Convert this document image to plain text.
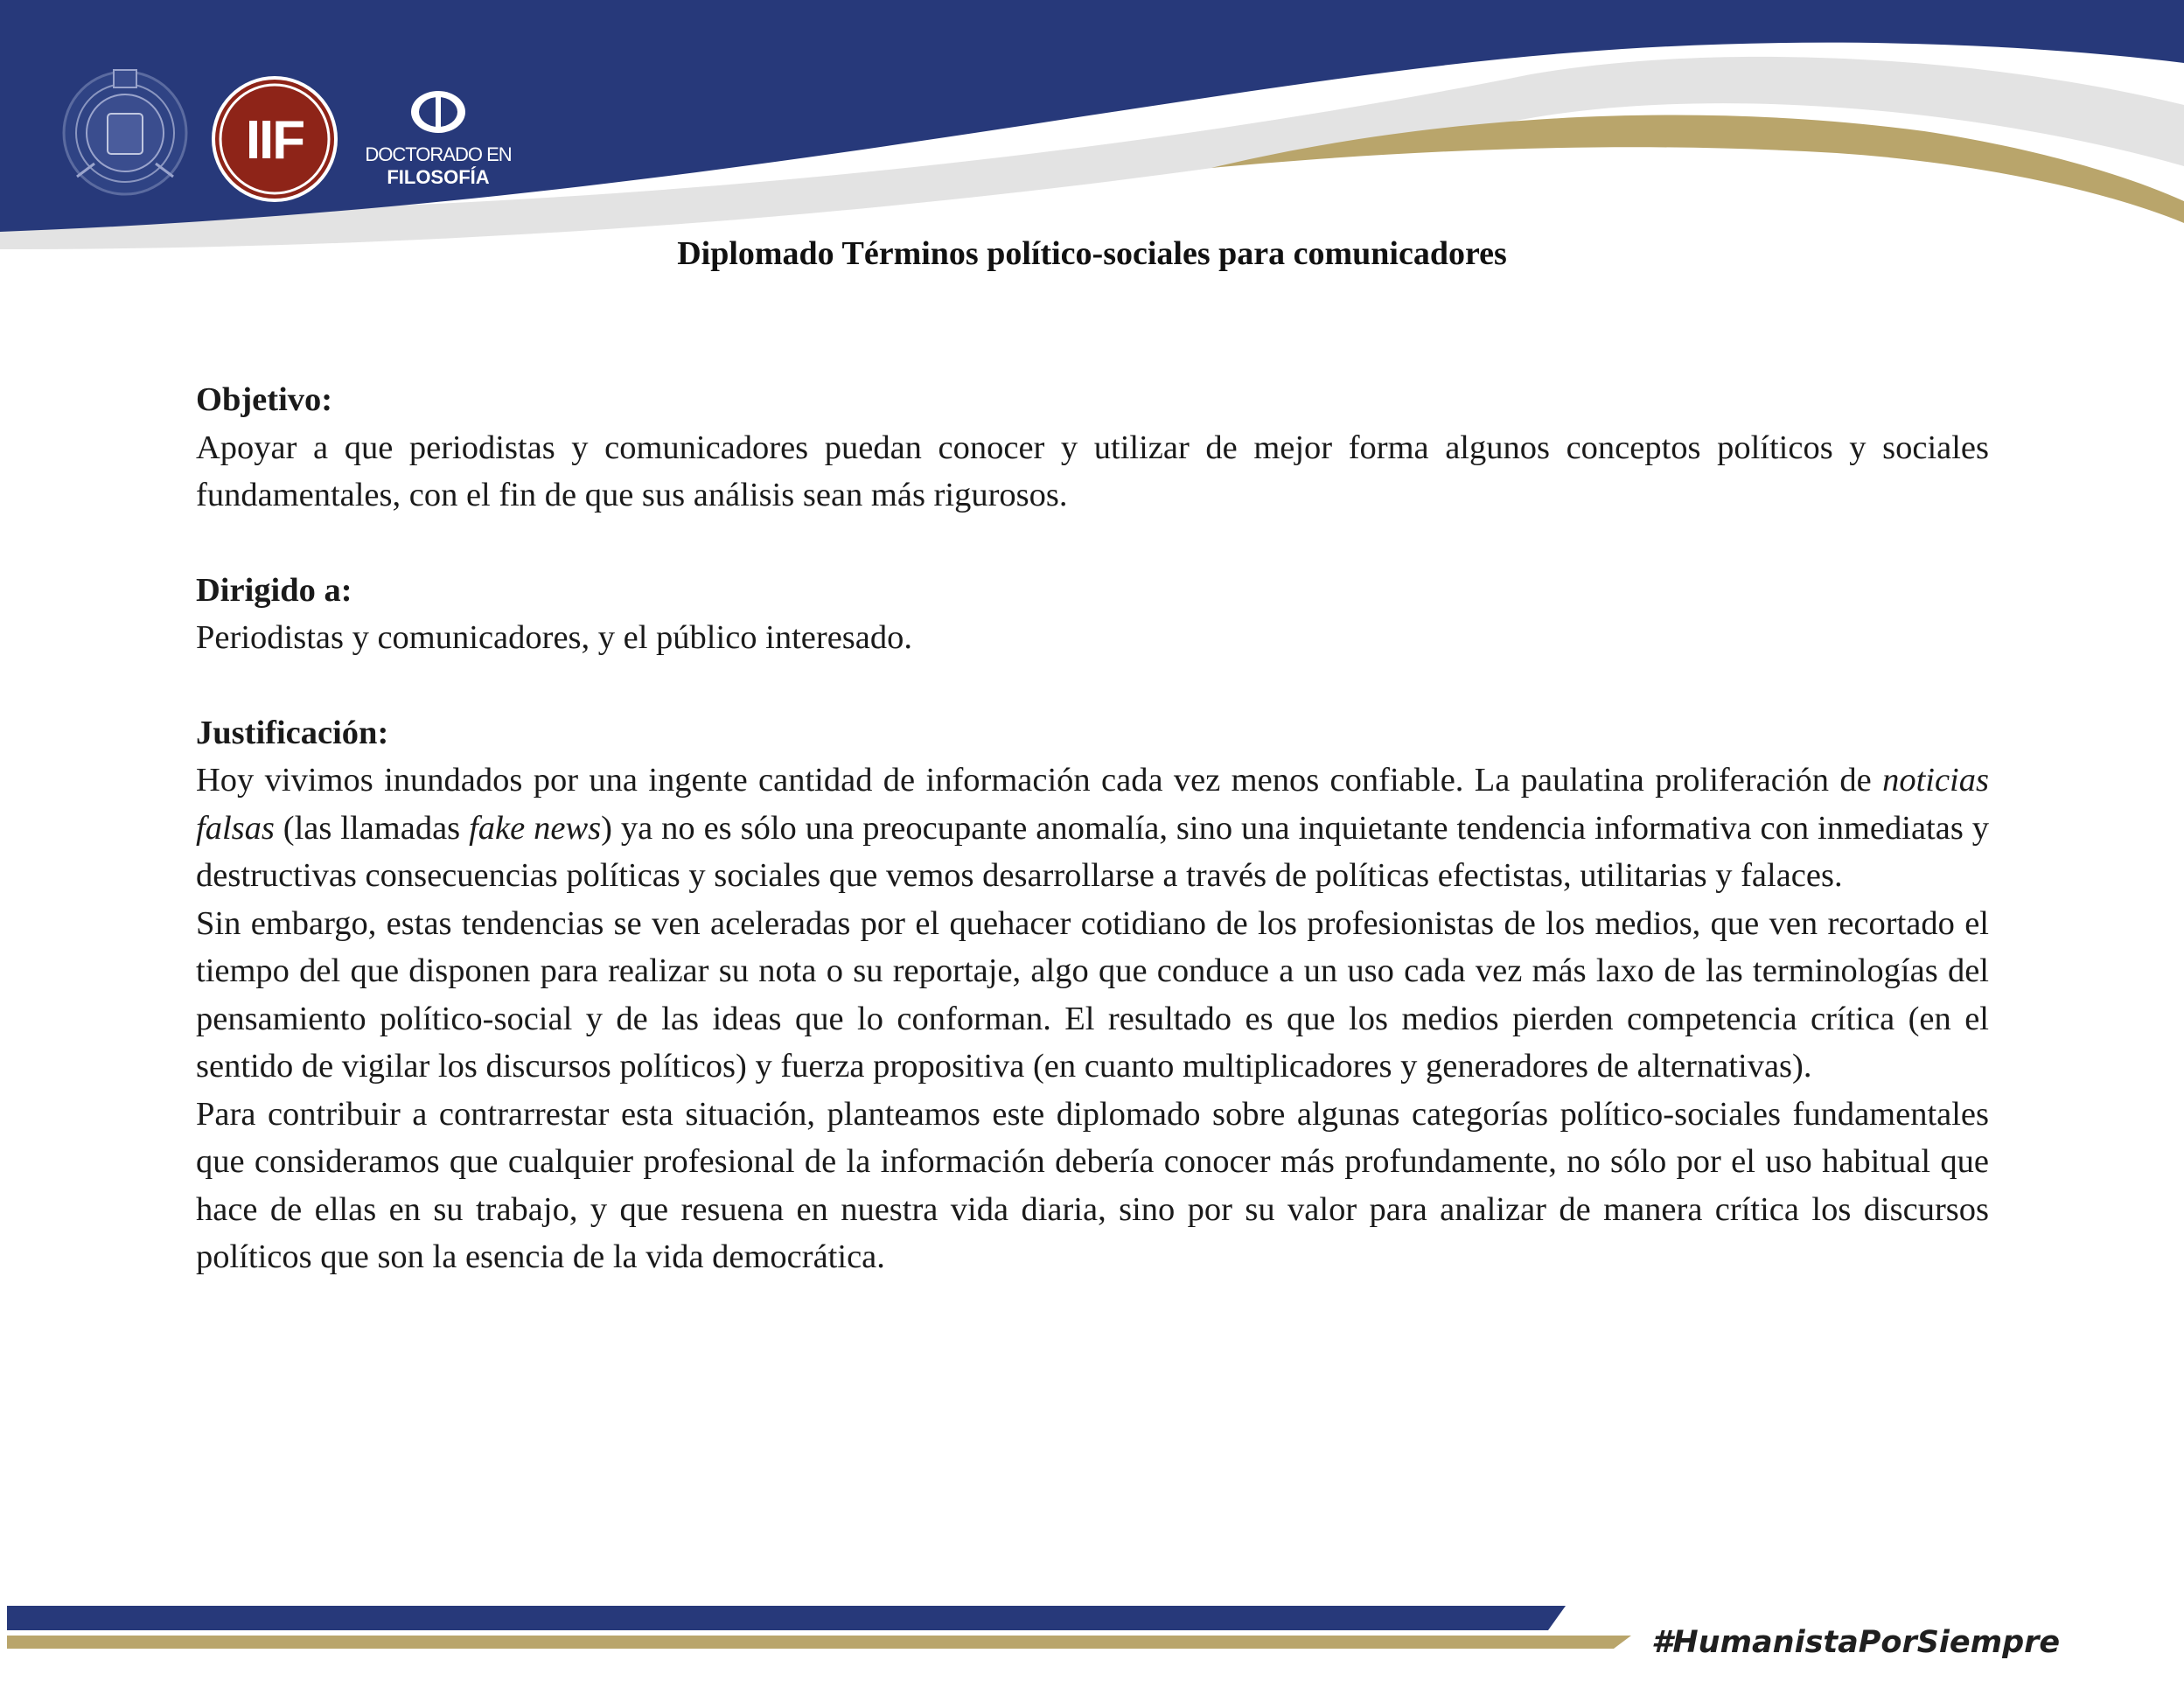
IIF	DOCTORADO EN
FILOSOFÍA
Diplomado Términos político-sociales para comunicadores

Objetivo:

Apoyar a que periodistas y comunicadores puedan conocer y utilizar de mejor forma algunos conceptos políticos y sociales fundamentales, con el fin de que sus análisis sean más rigurosos.

Dirigido a:

Periodistas y comunicadores, y el público interesado.

Justificación:

Hoy vivimos inundados por una ingente cantidad de información cada vez menos confiable. La paulatina proliferación de noticias falsas (las llamadas fake news) ya no es sólo una preocupante anomalía, sino una inquietante tendencia informativa con inmediatas y destructivas consecuencias políticas y sociales que vemos desarrollarse a través de políticas efectistas, utilitarias y falaces.

Sin embargo, estas tendencias se ven aceleradas por el quehacer cotidiano de los profesionistas de los medios, que ven recortado el tiempo del que disponen para realizar su nota o su reportaje, algo que conduce a un uso cada vez más laxo de las terminologías del pensamiento político-social y de las ideas que lo conforman. El resultado es que los medios pierden competencia crítica (en el sentido de vigilar los discursos políticos) y fuerza propositiva (en cuanto multiplicadores y generadores de alternativas).

Para contribuir a contrarrestar esta situación, planteamos este diplomado sobre algunas categorías político-sociales fundamentales que consideramos que cualquier profesional de la información debería conocer más profundamente, no sólo por el uso habitual que hace de ellas en su trabajo, y que resuena en nuestra vida diaria, sino por su valor para analizar de manera crítica los discursos políticos que son la esencia de la vida democrática.

#HumanistaPorSiempre
